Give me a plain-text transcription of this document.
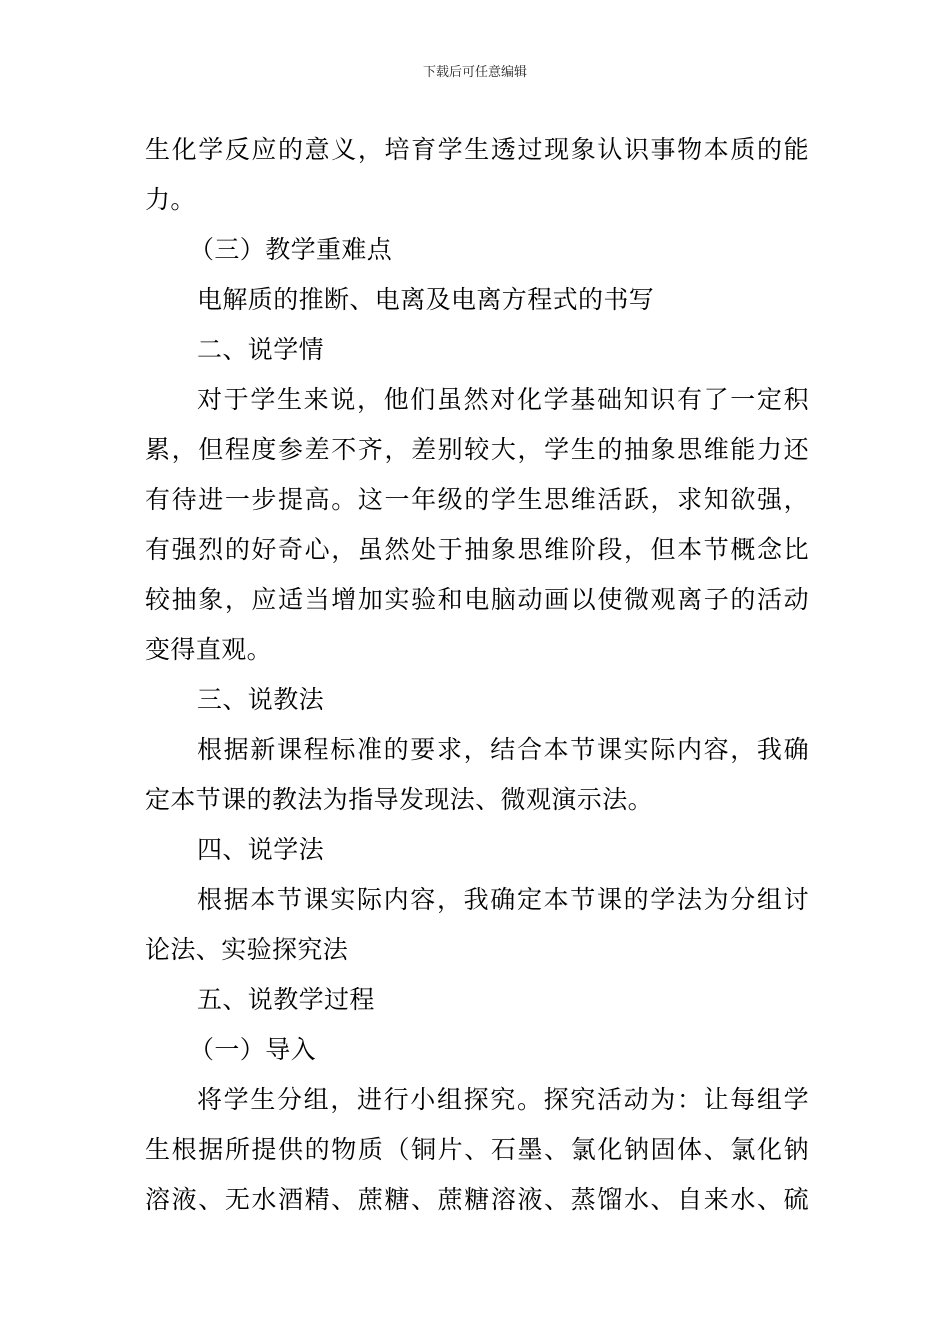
下载后可任意编辑
生化学反应的意义，培育学生透过现象认识事物本质的能
力。
（三）教学重难点
电解质的推断、电离及电离方程式的书写
二、说学情
对于学生来说，他们虽然对化学基础知识有了一定积
累，但程度参差不齐，差别较大，学生的抽象思维能力还
有待进一步提高。这一年级的学生思维活跃，求知欲强，
有强烈的好奇心，虽然处于抽象思维阶段，但本节概念比
较抽象，应适当增加实验和电脑动画以使微观离子的活动
变得直观。
三、说教法
根据新课程标准的要求，结合本节课实际内容，我确
定本节课的教法为指导发现法、微观演示法。
四、说学法
根据本节课实际内容，我确定本节课的学法为分组讨
论法、实验探究法
五、说教学过程
（一）导入
将学生分组，进行小组探究。探究活动为：让每组学
生根据所提供的物质（铜片、石墨、氯化钠固体、氯化钠
溶液、无水酒精、蔗糖、蔗糖溶液、蒸馏水、自来水、硫
